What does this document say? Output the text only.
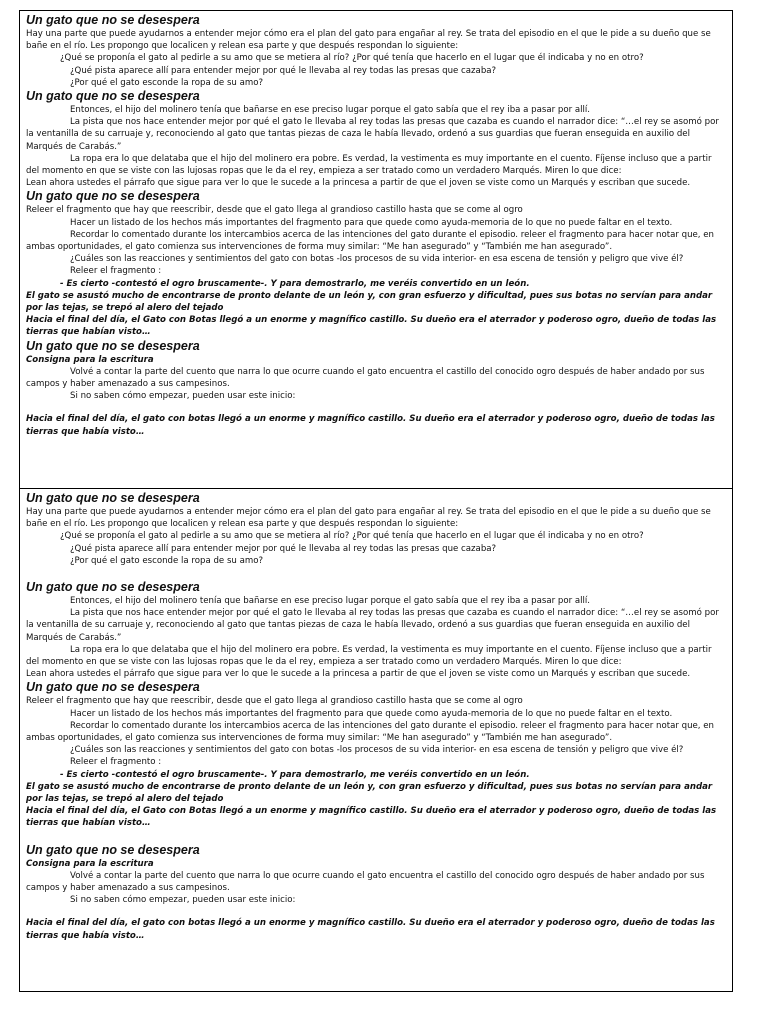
Un gato que no se desespera

Hay una parte que puede ayudarnos a entender mejor cómo era el plan del gato para engañar al rey. Se trata del episodio en el que le pide a su dueño que se bañe en el río. Les propongo que localicen y relean esa parte y que después respondan lo siguiente:

¿Qué se proponía el gato al pedirle a su amo que se metiera al río? ¿Por qué tenía que hacerlo en el lugar que él indicaba y no en otro?

¿Qué pista aparece allí para entender mejor por qué le llevaba al rey todas las presas que cazaba?

¿Por qué el gato esconde la ropa de su amo?

Un gato que no se desespera

Entonces, el hijo del molinero tenía que bañarse en ese preciso lugar porque el gato sabía que el rey iba a pasar por allí.

La pista que nos hace entender mejor por qué el gato le llevaba al rey todas las presas que cazaba es cuando el narrador dice: “…el rey se asomó por la ventanilla de su carruaje y, reconociendo al gato que tantas piezas de caza le había llevado, ordenó a sus guardias que fueran enseguida en auxilio del Marqués de Carabás.”

La ropa era lo que delataba que el hijo del molinero era pobre. Es verdad, la vestimenta es muy importante en el cuento. Fíjense incluso que a partir del momento en que se viste con las lujosas ropas que le da el rey, empieza a ser tratado como un verdadero Marqués. Miren lo que dice:

Lean ahora ustedes el párrafo que sigue para ver lo que le sucede a la princesa a partir de que el joven se viste como un Marqués y escriban que sucede.

Un gato que no se desespera

Releer el fragmento que hay que reescribir, desde que el gato llega al grandioso castillo hasta que se come al ogro

Hacer un listado de los hechos más importantes del fragmento para que quede como ayuda-memoria de lo que no puede faltar en el texto.

Recordar lo comentado durante los intercambios acerca de las intenciones del gato durante el episodio. releer el fragmento para hacer notar que, en ambas oportunidades, el gato comienza sus intervenciones de forma muy similar: “Me han asegurado” y “También me han asegurado”.

¿Cuáles son las reacciones y sentimientos del gato con botas -los procesos de su vida interior- en esa escena de tensión y peligro que vive él?

Releer el fragmento :

- Es cierto -contestó el ogro bruscamente-. Y para demostrarlo, me veréis convertido en un león.

El gato se asustó mucho de encontrarse de pronto delante de un león y, con gran esfuerzo y dificultad, pues sus botas no servían para andar por las tejas, se trepó al alero del tejado

Hacia el final del día, el Gato con Botas llegó a un enorme y magnífico castillo. Su dueño era el aterrador y poderoso ogro, dueño de todas las tierras que habían visto…

Un gato que no se desespera

Consigna para la escritura

Volvé a contar la parte del cuento que narra lo que ocurre cuando el gato encuentra el castillo del conocido ogro después de haber andado por sus campos y haber amenazado a sus campesinos.

Si no saben cómo empezar, pueden usar este inicio:

Hacia el final del día, el gato con botas llegó a un enorme y magnífico castillo. Su dueño era el aterrador y poderoso ogro, dueño de todas las tierras que había visto…

Un gato que no se desespera

Hay una parte que puede ayudarnos a entender mejor cómo era el plan del gato para engañar al rey. Se trata del episodio en el que le pide a su dueño que se bañe en el río. Les propongo que localicen y relean esa parte y que después respondan lo siguiente:

¿Qué se proponía el gato al pedirle a su amo que se metiera al río? ¿Por qué tenía que hacerlo en el lugar que él indicaba y no en otro?

¿Qué pista aparece allí para entender mejor por qué le llevaba al rey todas las presas que cazaba?

¿Por qué el gato esconde la ropa de su amo?

Un gato que no se desespera

Entonces, el hijo del molinero tenía que bañarse en ese preciso lugar porque el gato sabía que el rey iba a pasar por allí.

La pista que nos hace entender mejor por qué el gato le llevaba al rey todas las presas que cazaba es cuando el narrador dice: “…el rey se asomó por la ventanilla de su carruaje y, reconociendo al gato que tantas piezas de caza le había llevado, ordenó a sus guardias que fueran enseguida en auxilio del Marqués de Carabás.”

La ropa era lo que delataba que el hijo del molinero era pobre. Es verdad, la vestimenta es muy importante en el cuento. Fíjense incluso que a partir del momento en que se viste con las lujosas ropas que le da el rey, empieza a ser tratado como un verdadero Marqués. Miren lo que dice:

Lean ahora ustedes el párrafo que sigue para ver lo que le sucede a la princesa a partir de que el joven se viste como un Marqués y escriban que sucede.

Un gato que no se desespera

Releer el fragmento que hay que reescribir, desde que el gato llega al grandioso castillo hasta que se come al ogro

Hacer un listado de los hechos más importantes del fragmento para que quede como ayuda-memoria de lo que no puede faltar en el texto.

Recordar lo comentado durante los intercambios acerca de las intenciones del gato durante el episodio. releer el fragmento para hacer notar que, en ambas oportunidades, el gato comienza sus intervenciones de forma muy similar: “Me han asegurado” y “También me han asegurado”.

¿Cuáles son las reacciones y sentimientos del gato con botas -los procesos de su vida interior- en esa escena de tensión y peligro que vive él?

Releer el fragmento :

- Es cierto -contestó el ogro bruscamente-. Y para demostrarlo, me veréis convertido en un león.

El gato se asustó mucho de encontrarse de pronto delante de un león y, con gran esfuerzo y dificultad, pues sus botas no servían para andar por las tejas, se trepó al alero del tejado

Hacia el final del día, el Gato con Botas llegó a un enorme y magnífico castillo. Su dueño era el aterrador y poderoso ogro, dueño de todas las tierras que habían visto…

Un gato que no se desespera

Consigna para la escritura

Volvé a contar la parte del cuento que narra lo que ocurre cuando el gato encuentra el castillo del conocido ogro después de haber andado por sus campos y haber amenazado a sus campesinos.

Si no saben cómo empezar, pueden usar este inicio:

Hacia el final del día, el gato con botas llegó a un enorme y magnífico castillo. Su dueño era el aterrador y poderoso ogro, dueño de todas las tierras que había visto…
